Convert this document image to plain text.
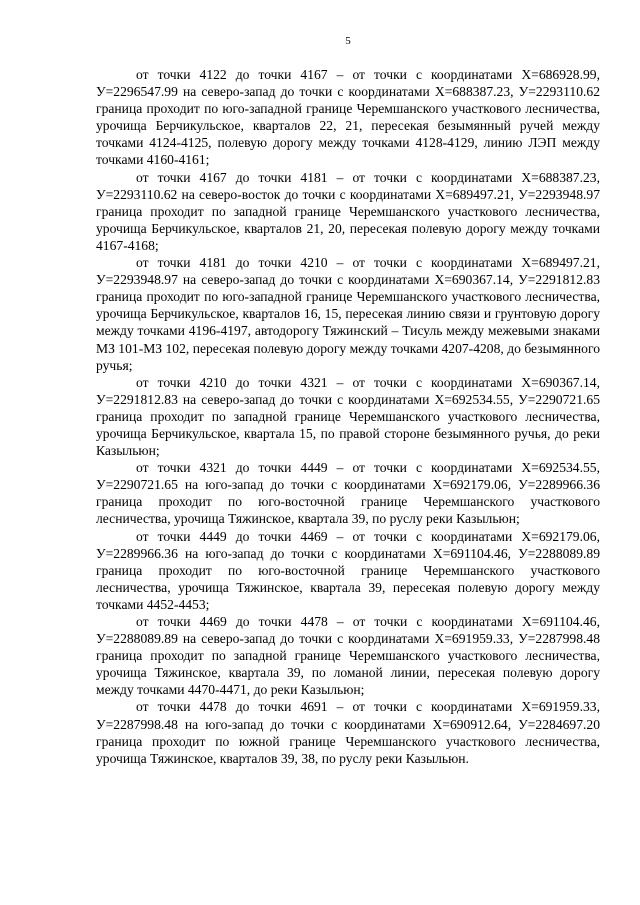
5

от точки 4122 до точки 4167 – от точки с координатами Х=686928.99, У=2296547.99 на северо-запад до точки с координатами Х=688387.23, У=2293110.62 граница проходит по юго-западной границе Черемшанского участкового лесничества, урочища Берчикульское, кварталов 22, 21, пересекая безымянный ручей между точками 4124-4125, полевую дорогу между точками 4128-4129, линию ЛЭП между точками 4160-4161;

от точки 4167 до точки 4181 – от точки с координатами Х=688387.23, У=2293110.62 на северо-восток до точки с координатами Х=689497.21, У=2293948.97 граница проходит по западной границе Черемшанского участкового лесничества, урочища Берчикульское, кварталов 21, 20, пересекая полевую дорогу между точками 4167-4168;

от точки 4181 до точки 4210 – от точки с координатами Х=689497.21, У=2293948.97 на северо-запад до точки с координатами Х=690367.14, У=2291812.83 граница проходит по юго-западной границе Черемшанского участкового лесничества, урочища Берчикульское, кварталов 16, 15, пересекая линию связи и грунтовую дорогу между точками 4196-4197, автодорогу Тяжинский – Тисуль между межевыми знаками МЗ 101-МЗ 102, пересекая полевую дорогу между точками 4207-4208, до безымянного ручья;

от точки 4210 до точки 4321 – от точки с координатами Х=690367.14, У=2291812.83 на северо-запад до точки с координатами Х=692534.55, У=2290721.65 граница проходит по западной границе Черемшанского участкового лесничества, урочища Берчикульское, квартала 15, по правой стороне безымянного ручья, до реки Казыльюн;

от точки 4321 до точки 4449 – от точки с координатами Х=692534.55, У=2290721.65 на юго-запад до точки с координатами Х=692179.06, У=2289966.36 граница проходит по юго-восточной границе Черемшанского участкового лесничества, урочища Тяжинское, квартала 39, по руслу реки Казыльюн;

от точки 4449 до точки 4469 – от точки с координатами Х=692179.06, У=2289966.36 на юго-запад до точки с координатами Х=691104.46, У=2288089.89 граница проходит по юго-восточной границе Черемшанского участкового лесничества, урочища Тяжинское, квартала 39, пересекая полевую дорогу между точками 4452-4453;

от точки 4469 до точки 4478 – от точки с координатами Х=691104.46, У=2288089.89 на северо-запад до точки с координатами Х=691959.33, У=2287998.48 граница проходит по западной границе Черемшанского участкового лесничества, урочища Тяжинское, квартала 39, по ломаной линии, пересекая полевую дорогу между точками 4470-4471, до реки Казыльюн;

от точки 4478 до точки 4691 – от точки с координатами Х=691959.33, У=2287998.48 на юго-запад до точки с координатами Х=690912.64, У=2284697.20 граница проходит по южной границе Черемшанского участкового лесничества, урочища Тяжинское, кварталов 39, 38, по руслу реки Казыльюн.
